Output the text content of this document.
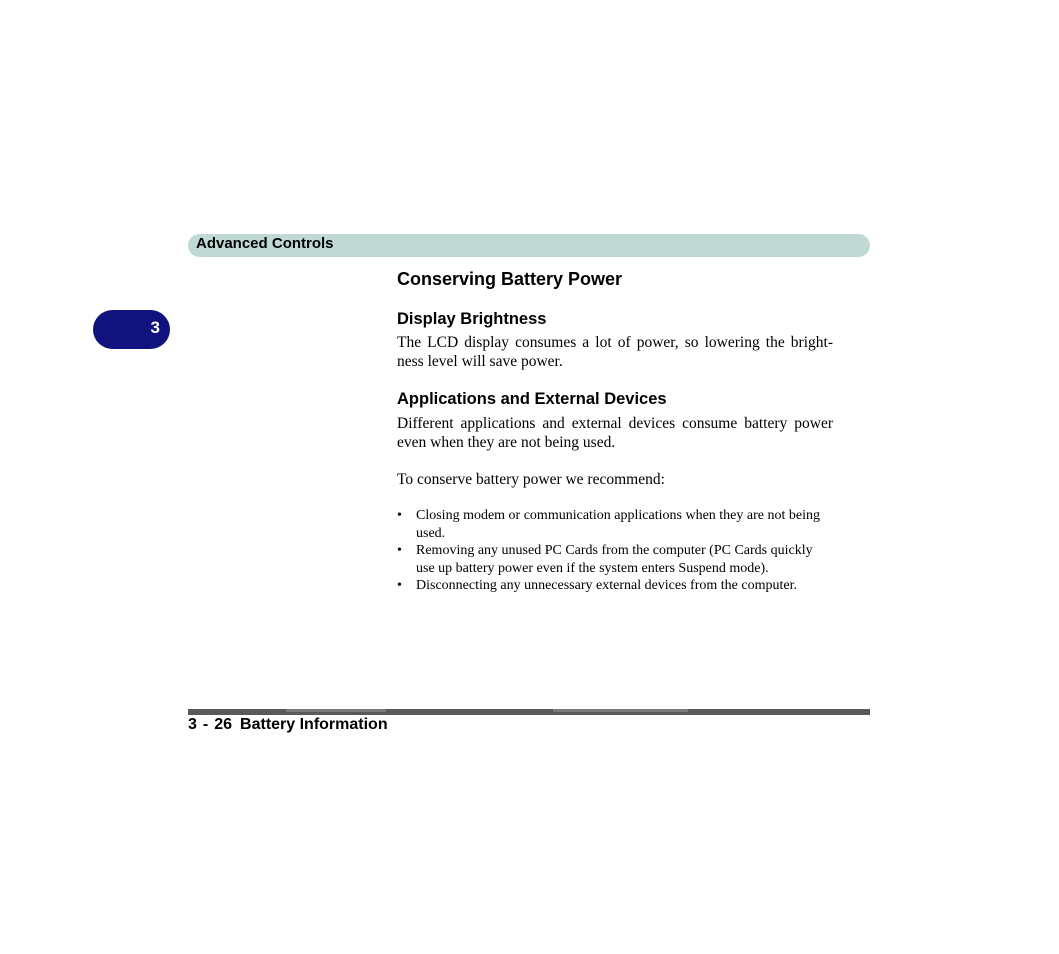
Advanced Controls
3
Conserving Battery Power
Display Brightness

The LCD display consumes a lot of power, so lowering the bright-ness level will save power.

Applications and External Devices

Different applications and external devices consume battery power even when they are not being used.

To conserve battery power we recommend:

• Closing modem or communication applications when they are not being used.
• Removing any unused PC Cards from the computer (PC Cards quickly use up battery power even if the system enters Suspend mode).
• Disconnecting any unnecessary external devices from the computer.
3 - 26 Battery Information
